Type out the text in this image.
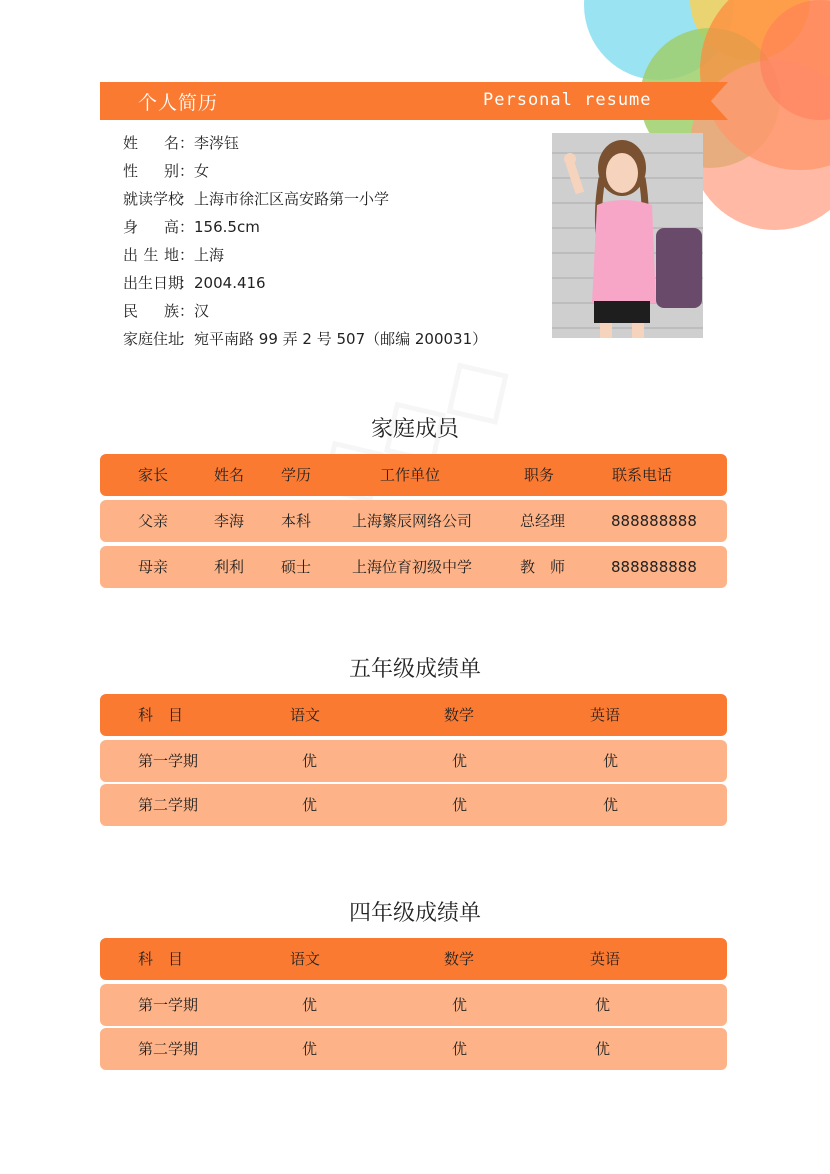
个人简历	Personal resume
姓 名 ： 李涔钰
性 别 ： 女
就读学校
： 上海市徐汇区高安路第一小学
身 高 ： 156.5cm
出 生 地 ： 上海
出生日期
： 2004.416
民 族 ： 汉
家庭住址
： 宛平南路 99 弄 2 号 507（邮编 200031）
家庭成员
家长	姓名 学历	工作单位	职务	联系电话
父亲	李海 本科	上海繁辰网络公司	总经理	888888888
母亲	利利 硕士	上海位育初级中学	教　师	888888888
五年级成绩单
科　目	语文	数学	英语
第一学期	优	优	优
第二学期	优	优	优
四年级成绩单
科　目	语文	数学	英语
第一学期	优	优	优
第二学期	优	优	优
